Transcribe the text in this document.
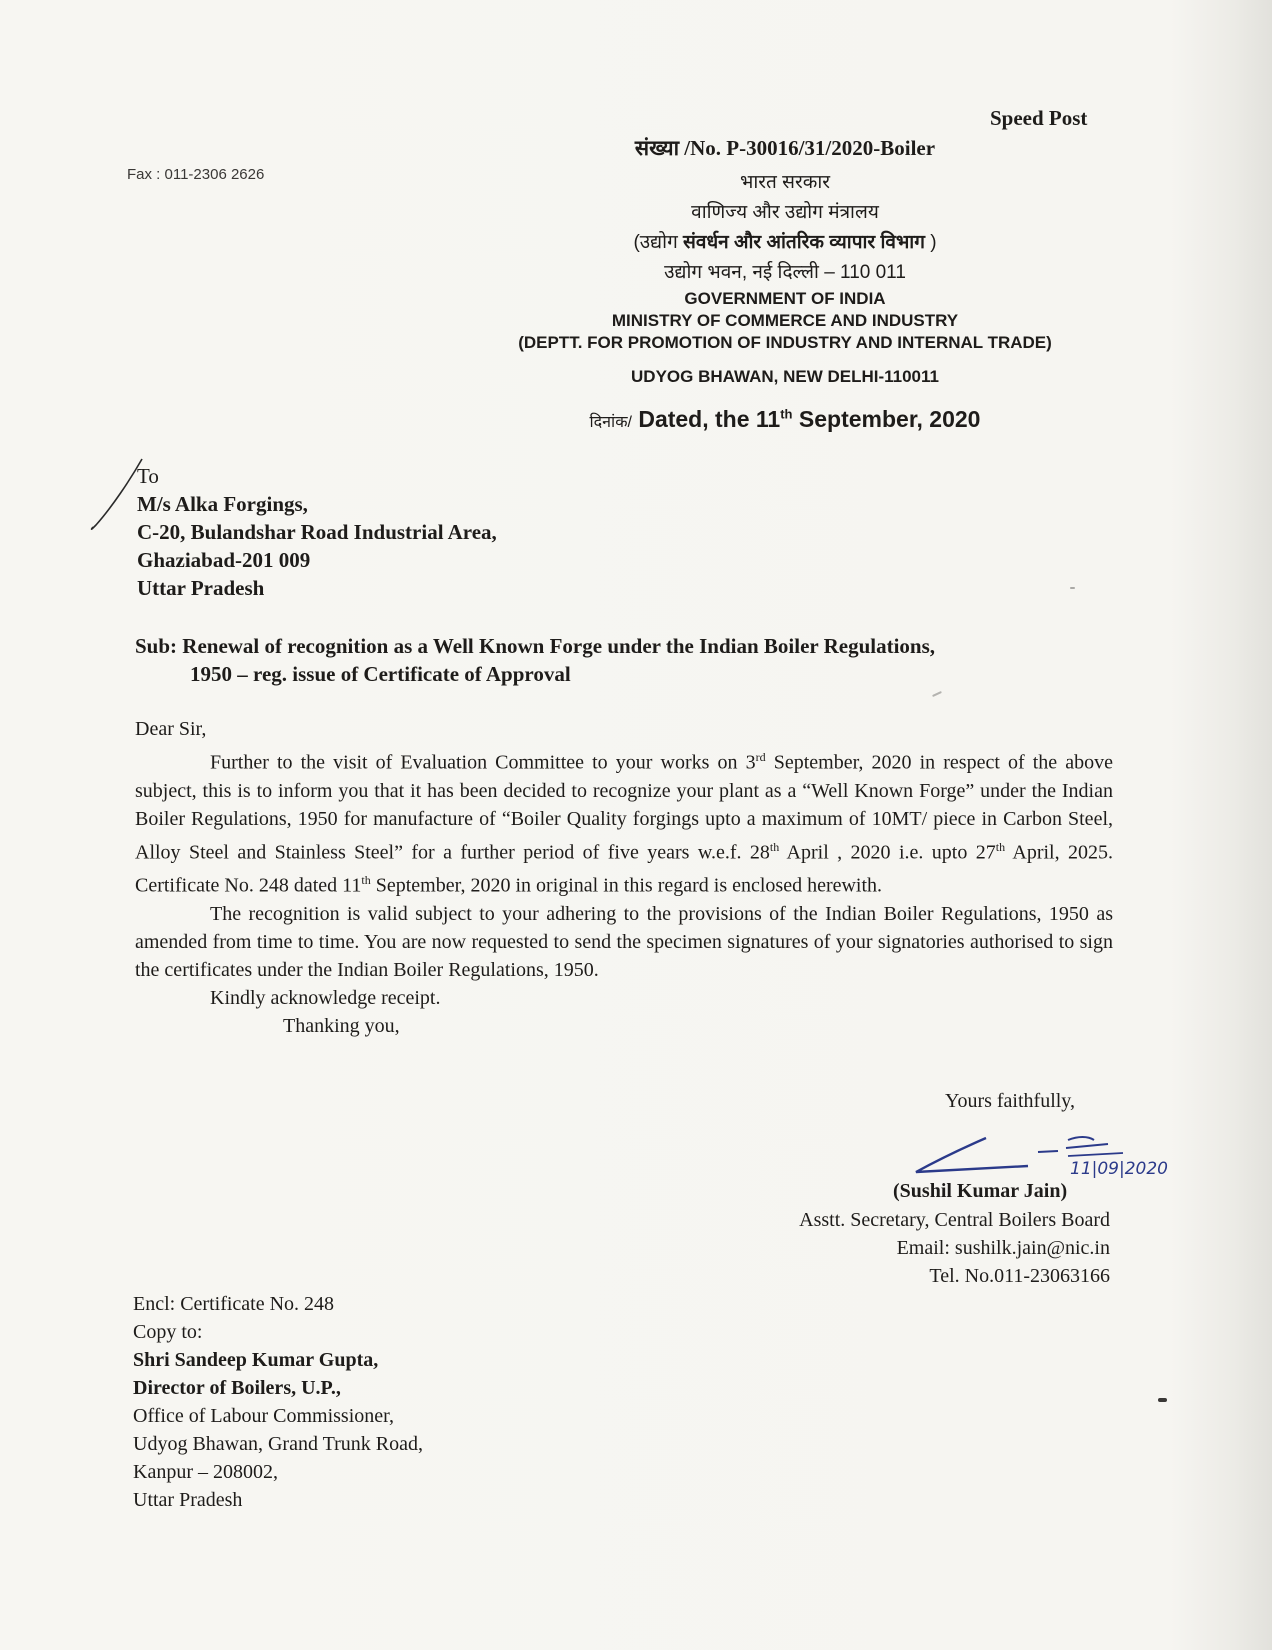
Speed Post
Fax : 011-2306 2626
संख्या /No. P-30016/31/2020-Boiler
भारत सरकार
वाणिज्य और उद्योग मंत्रालय
(उद्योग संवर्धन और आंतरिक व्यापार विभाग )
उद्योग भवन, नई दिल्ली – 110 011
GOVERNMENT OF INDIA
MINISTRY OF COMMERCE AND INDUSTRY
(DEPTT. FOR PROMOTION OF INDUSTRY AND INTERNAL TRADE)
UDYOG BHAWAN, NEW DELHI-110011
दिनांक/ Dated, the 11th September, 2020
To
M/s Alka Forgings,
C-20, Bulandshar Road Industrial Area,
Ghaziabad-201 009
Uttar Pradesh
Sub: Renewal of recognition as a Well Known Forge under the Indian Boiler Regulations,
1950 – reg. issue of Certificate of Approval

Dear Sir,

Further to the visit of Evaluation Committee to your works on 3rd September, 2020 in respect of the above subject, this is to inform you that it has been decided to recognize your plant as a “Well Known Forge” under the Indian Boiler Regulations, 1950 for manufacture of “Boiler Quality forgings upto a maximum of 10MT/ piece in Carbon Steel, Alloy Steel and Stainless Steel” for a further period of five years w.e.f. 28th April , 2020 i.e. upto 27th April, 2025. Certificate No. 248 dated 11th September, 2020 in original in this regard is enclosed herewith.

The recognition is valid subject to your adhering to the provisions of the Indian Boiler Regulations, 1950 as amended from time to time. You are now requested to send the specimen signatures of your signatories authorised to sign the certificates under the Indian Boiler Regulations, 1950.

Kindly acknowledge receipt.

Thanking you,

Yours faithfully,
11|09|2020
(Sushil Kumar Jain)
Asstt. Secretary, Central Boilers Board
Email: sushilk.jain@nic.in
Tel. No.011-23063166
Encl: Certificate No. 248
Copy to:
Shri Sandeep Kumar Gupta,
Director of Boilers, U.P.,
Office of Labour Commissioner,
Udyog Bhawan, Grand Trunk Road,
Kanpur – 208002,
Uttar Pradesh
